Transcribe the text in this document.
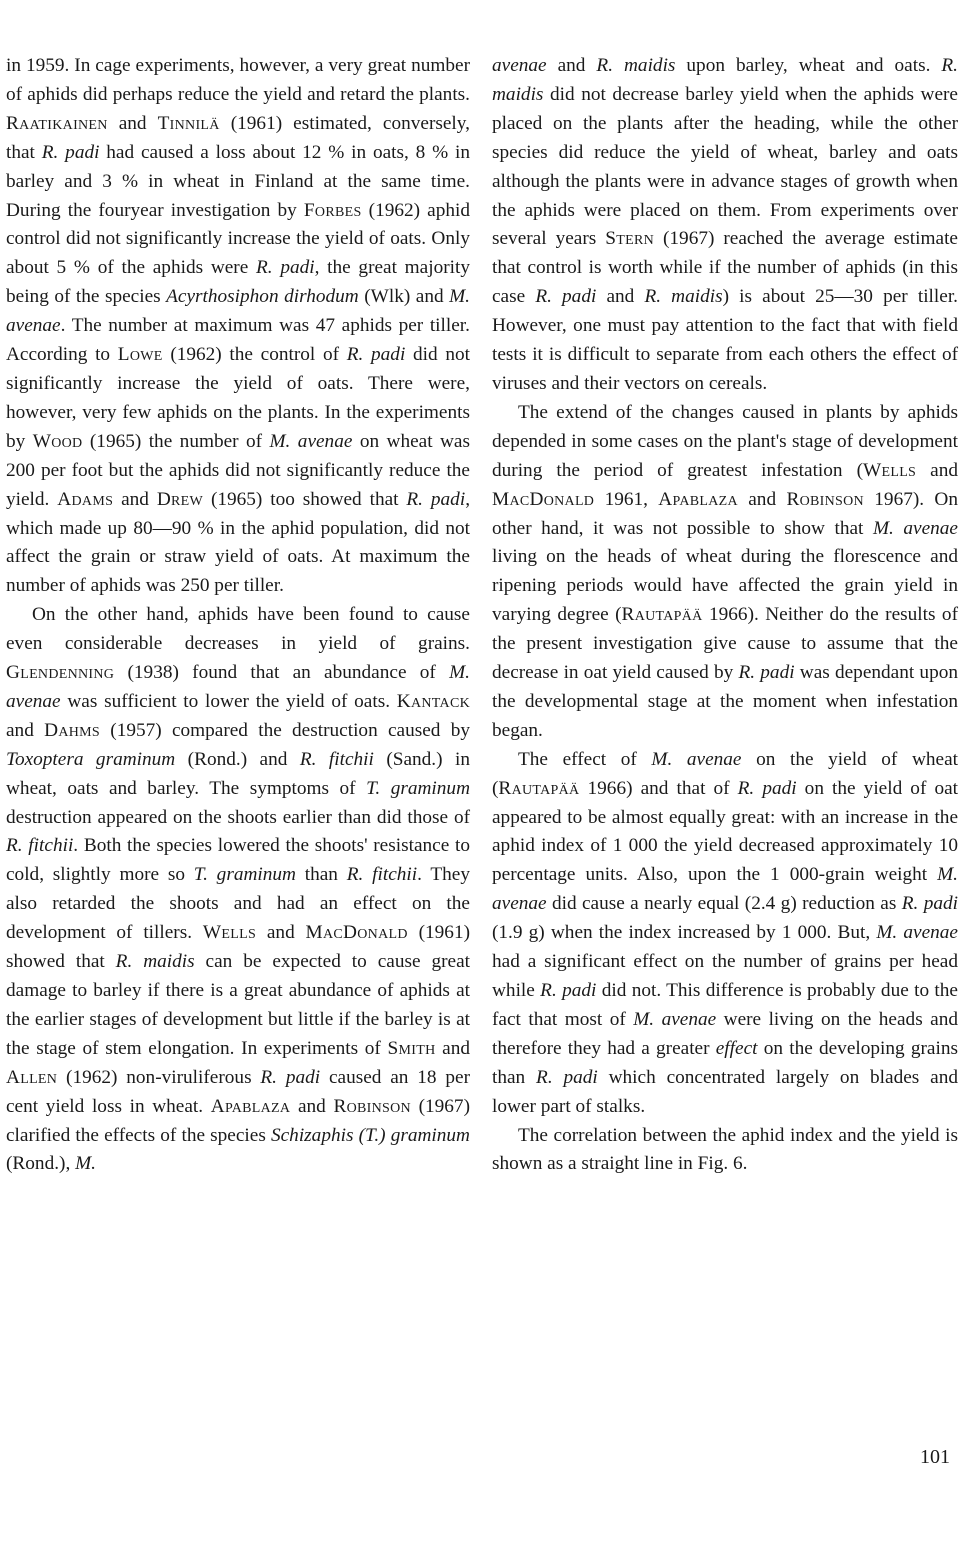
in 1959. In cage experiments, however, a very great number of aphids did perhaps reduce the yield and retard the plants. Raatikainen and Tinnilä (1961) estimated, conversely, that R. padi had caused a loss about 12 % in oats, 8 % in barley and 3 % in wheat in Finland at the same time. During the fouryear investigation by Forbes (1962) aphid control did not significantly increase the yield of oats. Only about 5 % of the aphids were R. padi, the great majority being of the species Acyrthosiphon dirhodum (Wlk) and M. avenae. The number at maximum was 47 aphids per tiller. According to Lowe (1962) the control of R. padi did not significantly increase the yield of oats. There were, however, very few aphids on the plants. In the experiments by Wood (1965) the number of M. avenae on wheat was 200 per foot but the aphids did not significantly reduce the yield. Adams and Drew (1965) too showed that R. padi, which made up 80—90 % in the aphid population, did not affect the grain or straw yield of oats. At maximum the number of aphids was 250 per tiller.

On the other hand, aphids have been found to cause even considerable decreases in yield of grains. Glendenning (1938) found that an abundance of M. avenae was sufficient to lower the yield of oats. Kantack and Dahms (1957) compared the destruction caused by Toxoptera graminum (Rond.) and R. fitchii (Sand.) in wheat, oats and barley. The symptoms of T. graminum destruction appeared on the shoots earlier than did those of R. fitchii. Both the species lowered the shoots' resistance to cold, slightly more so T. graminum than R. fitchii. They also retarded the shoots and had an effect on the development of tillers. Wells and MacDonald (1961) showed that R. maidis can be expected to cause great damage to barley if there is a great abundance of aphids at the earlier stages of development but little if the barley is at the stage of stem elongation. In experiments of Smith and Allen (1962) non-viruliferous R. padi caused an 18 per cent yield loss in wheat. Apablaza and Robinson (1967) clarified the effects of the species Schizaphis (T.) graminum (Rond.), M.

avenae and R. maidis upon barley, wheat and oats. R. maidis did not decrease barley yield when the aphids were placed on the plants after the heading, while the other species did reduce the yield of wheat, barley and oats although the plants were in advance stages of growth when the aphids were placed on them. From experiments over several years Stern (1967) reached the average estimate that control is worth while if the number of aphids (in this case R. padi and R. maidis) is about 25—30 per tiller. However, one must pay attention to the fact that with field tests it is difficult to separate from each others the effect of viruses and their vectors on cereals.

The extend of the changes caused in plants by aphids depended in some cases on the plant's stage of development during the period of greatest infestation (Wells and MacDonald 1961, Apablaza and Robinson 1967). On other hand, it was not possible to show that M. avenae living on the heads of wheat during the florescence and ripening periods would have affected the grain yield in varying degree (Rautapää 1966). Neither do the results of the present investigation give cause to assume that the decrease in oat yield caused by R. padi was dependant upon the developmental stage at the moment when infestation began.

The effect of M. avenae on the yield of wheat (Rautapää 1966) and that of R. padi on the yield of oat appeared to be almost equally great: with an increase in the aphid index of 1 000 the yield decreased approximately 10 percentage units. Also, upon the 1 000-grain weight M. avenae did cause a nearly equal (2.4 g) reduction as R. padi (1.9 g) when the index increased by 1 000. But, M. avenae had a significant effect on the number of grains per head while R. padi did not. This difference is probably due to the fact that most of M. avenae were living on the heads and therefore they had a greater effect on the developing grains than R. padi which concentrated largely on blades and lower part of stalks.

The correlation between the aphid index and the yield is shown as a straight line in Fig. 6.

101
